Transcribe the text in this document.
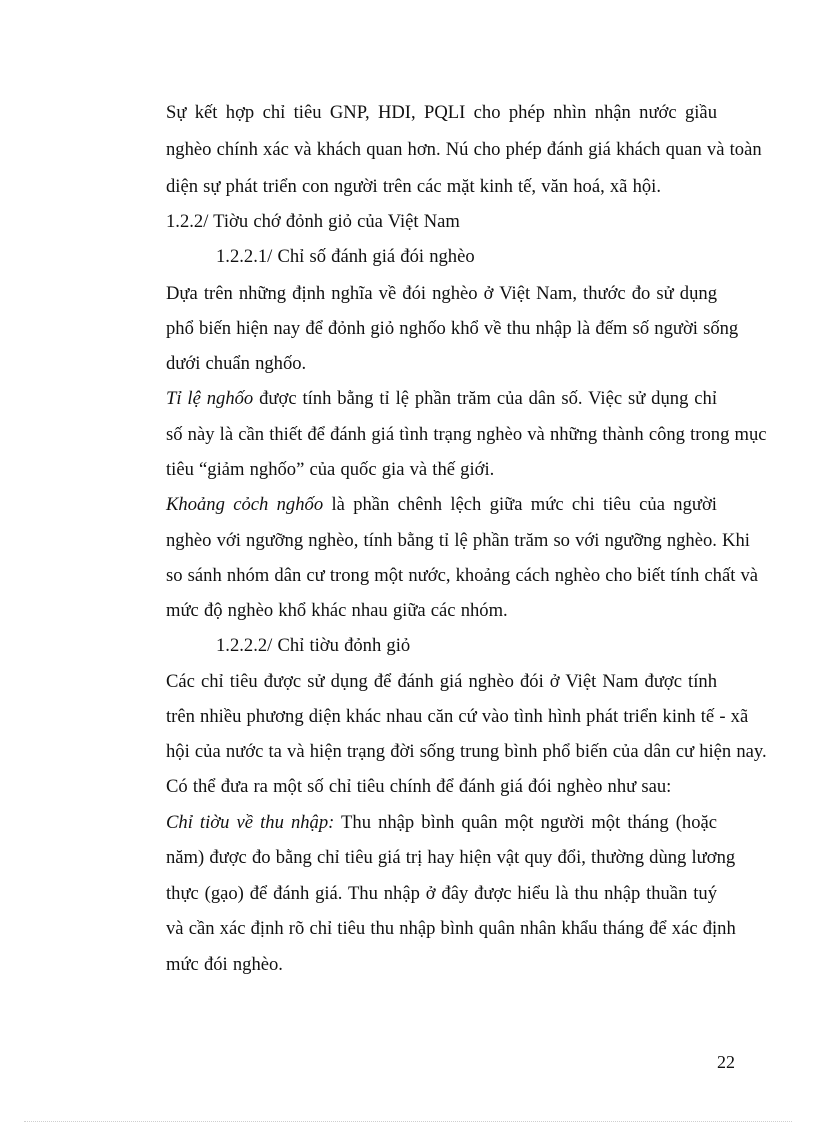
Sự kết hợp chỉ tiêu GNP, HDI, PQLI cho phép nhìn nhận nước giầu
nghèo chính xác và khách quan hơn. Nú cho phép đánh giá khách quan và toàn
diện sự phát triển con người trên các mặt kinh tế, văn hoá, xã hội.
1.2.2/ Tiờu chớ đỏnh giỏ của Việt Nam
1.2.2.1/ Chỉ số đánh giá đói nghèo
Dựa trên những định nghĩa về đói nghèo ở Việt Nam, thước đo sử dụng
phổ biến hiện nay để đỏnh giỏ nghốo khổ về thu nhập là đếm số người sống
dưới chuẩn nghốo.
Tỉ lệ nghốo được tính bằng tỉ lệ phần trăm của dân số. Việc sử dụng chỉ
số này là cần thiết để đánh giá tình trạng nghèo và những thành công trong mục
tiêu “giảm nghốo” của quốc gia và thế giới.
Khoảng cỏch nghốo là phần chênh lệch giữa mức chi tiêu của người
nghèo với ngưỡng nghèo, tính bằng tỉ lệ phần trăm so với ngưỡng nghèo. Khi
so sánh nhóm dân cư trong một nước, khoảng cách nghèo cho biết tính chất và
mức độ nghèo khổ khác nhau giữa các nhóm.
1.2.2.2/ Chỉ tiờu đỏnh giỏ
Các chỉ tiêu được sử dụng để đánh giá nghèo đói ở Việt Nam được tính
trên nhiều phương diện khác nhau căn cứ vào tình hình phát triển kinh tế - xã
hội của nước ta và hiện trạng đời sống trung bình phổ biến của dân cư hiện nay.
Có thể đưa ra một số chỉ tiêu chính để đánh giá đói nghèo như sau:
Chỉ tiờu về thu nhập: Thu nhập bình quân một người một tháng (hoặc
năm) được đo bằng chỉ tiêu giá trị hay hiện vật quy đổi, thường dùng lương
thực (gạo) để đánh giá. Thu nhập ở đây được hiểu là thu nhập thuần tuý
và cần xác định rõ chỉ tiêu thu nhập bình quân nhân khẩu tháng để xác định
mức đói nghèo.
22
